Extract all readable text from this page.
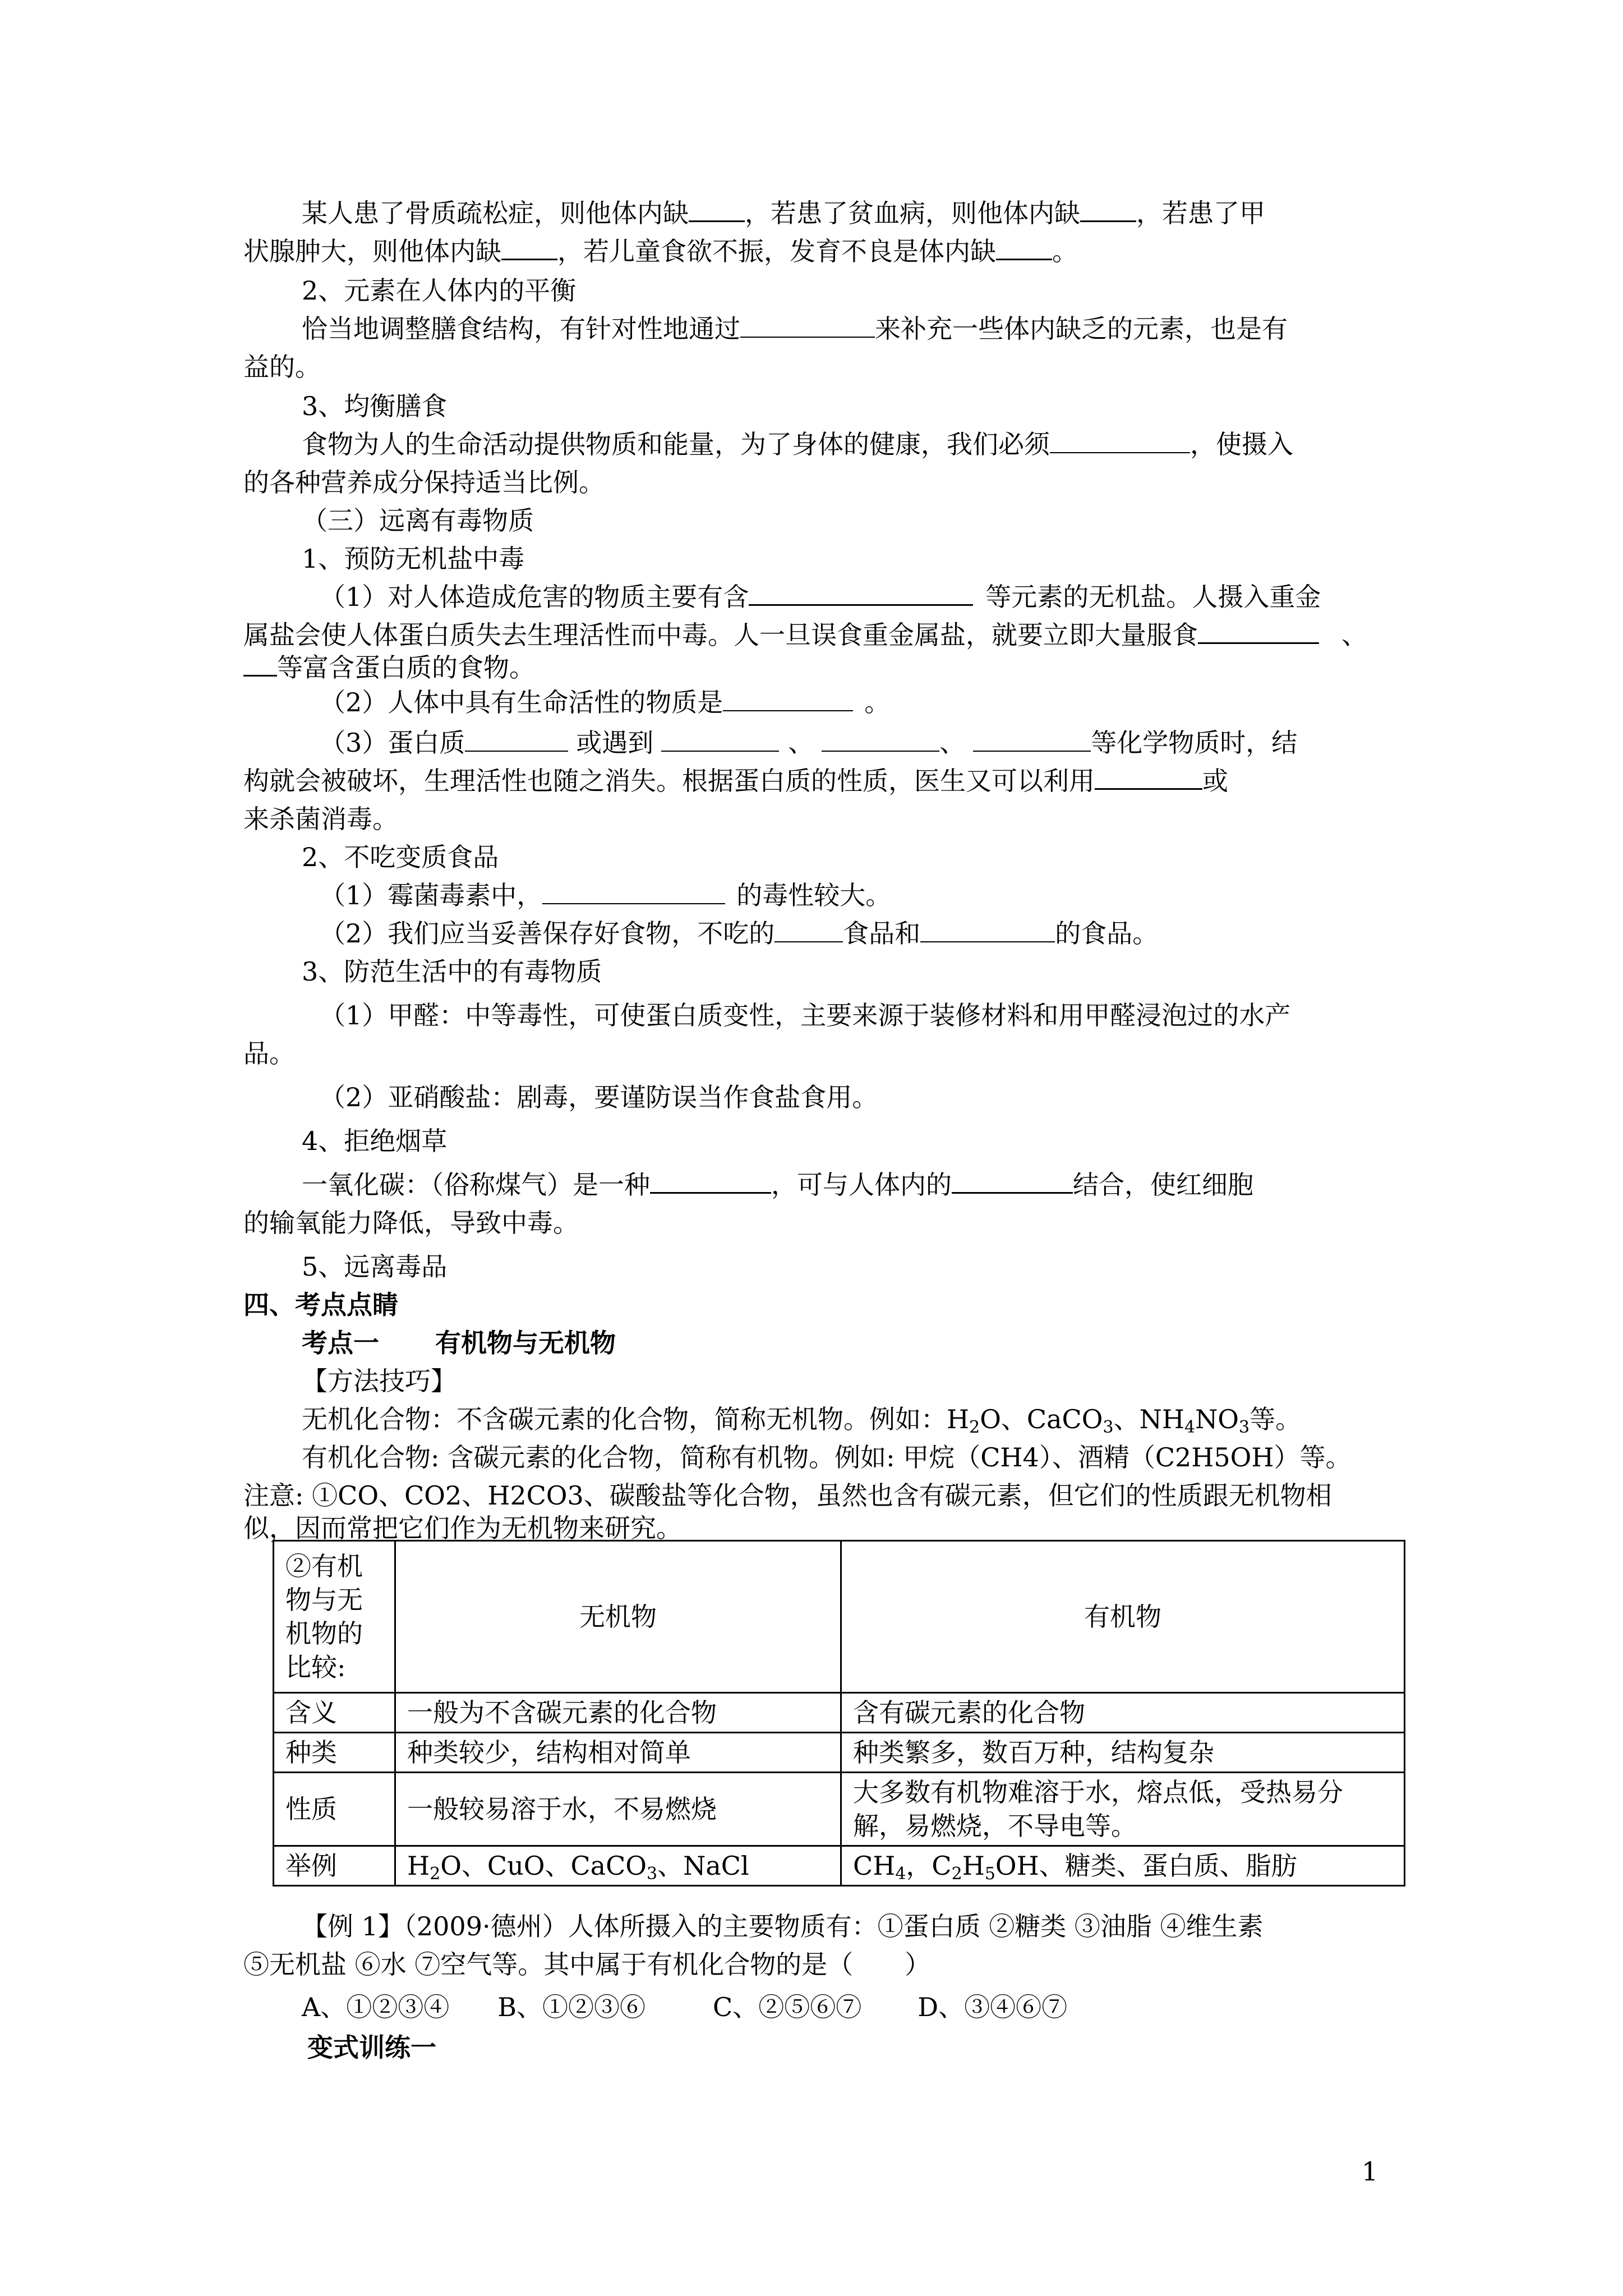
某人患了骨质疏松症，则他体内缺 ，若患了贫血病，则他体内缺 ，若患了甲
状腺肿大，则他体内缺 ，若儿童食欲不振，发育不良是体内缺 。
2、元素在人体内的平衡
恰当地调整膳食结构，有针对性地通过	来补充一些体内缺乏的元素，也是有
益的。
3、均衡膳食
食物为人的生命活动提供物质和能量，为了身体的健康，我们必须	，使摄入
的各种营养成分保持适当比例。
（三）远离有毒物质
1、预防无机盐中毒
（1）对人体造成危害的物质主要有含	等元素的无机盐。人摄入重金
属盐会使人体蛋白质失去生理活性而中毒。人一旦误食重金属盐，就要立即大量服食	、
等富含蛋白质的食物。
（2）人体中具有生命活性的物质是	。
（3）蛋白质	或遇到	、	、	等化学物质时，结
构就会被破坏，生理活性也随之消失。根据蛋白质的性质，医生又可以利用	或
来杀菌消毒。
2、不吃变质食品
（1）霉菌毒素中，	的毒性较大。
（2）我们应当妥善保存好食物，不吃的	食品和	的食品。
3、防范生活中的有毒物质
（1）甲醛：中等毒性，可使蛋白质变性，主要来源于装修材料和用甲醛浸泡过的水产
品。
（2）亚硝酸盐：剧毒，要谨防误当作食盐食用。
4、拒绝烟草
一氧化碳：（俗称煤气）是一种	，可与人体内的	结合，使红细胞
的输氧能力降低，导致中毒。
5、远离毒品
四、考点点睛
考点一 有机物与无机物
【方法技巧】
无机化合物：不含碳元素的化合物，简称无机物。例如：$H_2O$、CaCO$_3$、$NH_4NO_3$等。
有机化合物: 含碳元素的化合物，简称有机物。例如: 甲烷（CH4）、酒精（C2H5OH）等。
注意: ①CO、CO2、H2CO3、碳酸盐等化合物，虽然也含有碳元素，但它们的性质跟无机物相
似，因而常把它们作为无机物来研究。
②有机物与无机物的比较:	无机物	有机物
含义	一般为不含碳元素的化合物	含有碳元素的化合物
种类	种类较少，结构相对简单	种类繁多，数百万种，结构复杂
性质	一般较易溶于水，不易燃烧	大多数有机物难溶于水，熔点低，受热易分解，易燃烧，不导电等。
举例	$H_2O$、CuO、CaCO$_3$、NaCl	$CH_4$，$C_2H_5OH$、糖类、蛋白质、脂肪
【例 1】（2009·德州）人体所摄入的主要物质有：①蛋白质 ②糖类 ③油脂 ④维生素
⑤无机盐 ⑥水 ⑦空气等。其中属于有机化合物的是（　　）
A、①②③④ B、①②③⑥	C、②⑤⑥⑦ D、③④⑥⑦
变式训练一
1
